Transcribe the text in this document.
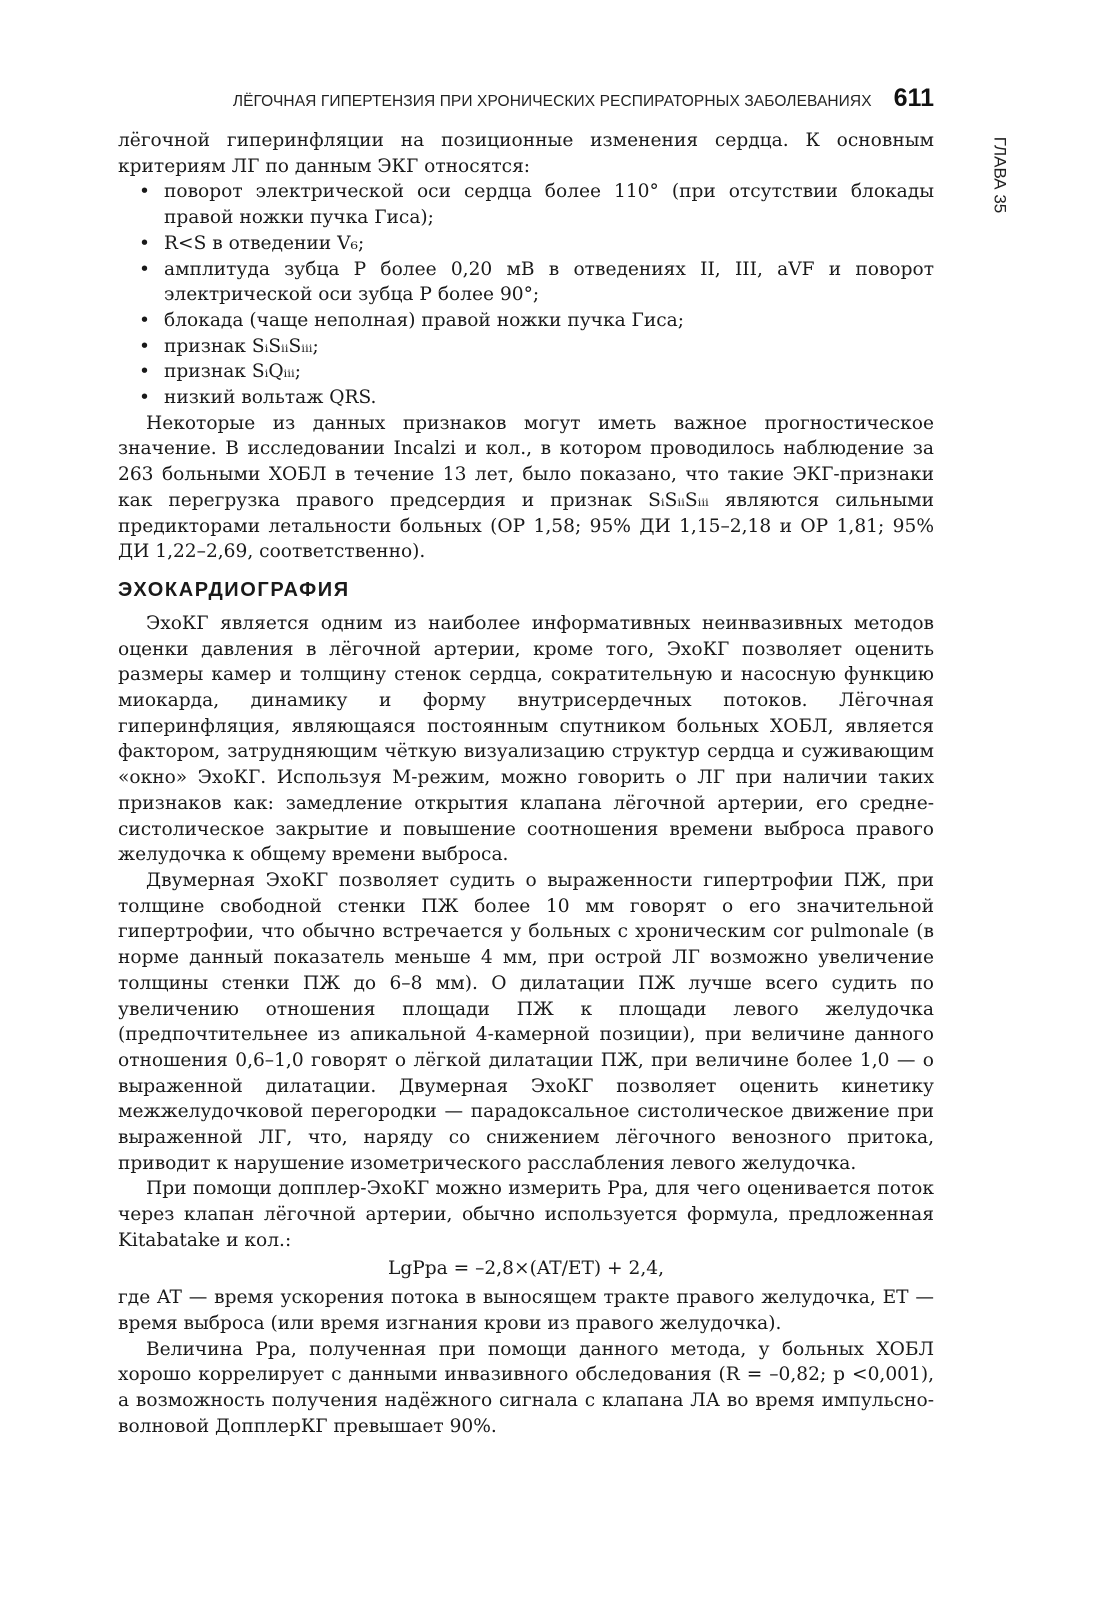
ЛЁГОЧНАЯ ГИПЕРТЕНЗИЯ ПРИ ХРОНИЧЕСКИХ РЕСПИРАТОРНЫХ ЗАБОЛЕВАНИЯХ 611
ГЛАВА 35

лёгочной гиперинфляции на позиционные изменения сердца. К основным критериям ЛГ по данным ЭКГ относятся:

• поворот электрической оси сердца более 110° (при отсутствии блокады правой ножки пучка Гиса);
• R<S в отведении V₆;
• амплитуда зубца P более 0,20 мВ в отведениях II, III, aVF и поворот электрической оси зубца P более 90°;
• блокада (чаще неполная) правой ножки пучка Гиса;
• признак SᵢSᵢᵢSᵢᵢᵢ;
• признак SᵢQᵢᵢᵢ;
• низкий вольтаж QRS.

Некоторые из данных признаков могут иметь важное прогностическое значение. В исследовании Incalzi и кол., в котором проводилось наблюдение за 263 больными ХОБЛ в течение 13 лет, было показано, что такие ЭКГ-признаки как перегрузка правого предсердия и признак SᵢSᵢᵢSᵢᵢᵢ являются сильными предикторами летальности больных (ОР 1,58; 95% ДИ 1,15–2,18 и ОР 1,81; 95% ДИ 1,22–2,69, соответственно).

ЭХОКАРДИОГРАФИЯ

ЭхоКГ является одним из наиболее информативных неинвазивных методов оценки давления в лёгочной артерии, кроме того, ЭхоКГ позволяет оценить размеры камер и толщину стенок сердца, сократительную и насосную функцию миокарда, динамику и форму внутрисердечных потоков. Лёгочная гиперинфляция, являющаяся постоянным спутником больных ХОБЛ, является фактором, затрудняющим чёткую визуализацию структур сердца и суживающим «окно» ЭхоКГ. Используя М-режим, можно говорить о ЛГ при наличии таких признаков как: замедление открытия клапана лёгочной артерии, его средне-систолическое закрытие и повышение соотношения времени выброса правого желудочка к общему времени выброса.

Двумерная ЭхоКГ позволяет судить о выраженности гипертрофии ПЖ, при толщине свободной стенки ПЖ более 10 мм говорят о его значительной гипертрофии, что обычно встречается у больных с хроническим cor pulmonale (в норме данный показатель меньше 4 мм, при острой ЛГ возможно увеличение толщины стенки ПЖ до 6–8 мм). О дилатации ПЖ лучше всего судить по увеличению отношения площади ПЖ к площади левого желудочка (предпочтительнее из апикальной 4-камерной позиции), при величине данного отношения 0,6–1,0 говорят о лёгкой дилатации ПЖ, при величине более 1,0 — о выраженной дилатации. Двумерная ЭхоКГ позволяет оценить кинетику межжелудочковой перегородки — парадоксальное систолическое движение при выраженной ЛГ, что, наряду со снижением лёгочного венозного притока, приводит к нарушение изометрического расслабления левого желудочка.

При помощи допплер-ЭхоКГ можно измерить Ppa, для чего оценивается поток через клапан лёгочной артерии, обычно используется формула, предложенная Kitabatake и кол.:

LgPpa = –2,8×(AT/ET) + 2,4,

где AT — время ускорения потока в выносящем тракте правого желудочка, ET — время выброса (или время изгнания крови из правого желудочка).

Величина Ppa, полученная при помощи данного метода, у больных ХОБЛ хорошо коррелирует с данными инвазивного обследования (R = –0,82; p <0,001), а возможность получения надёжного сигнала с клапана ЛА во время импульсно-волновой ДопплерКГ превышает 90%.
